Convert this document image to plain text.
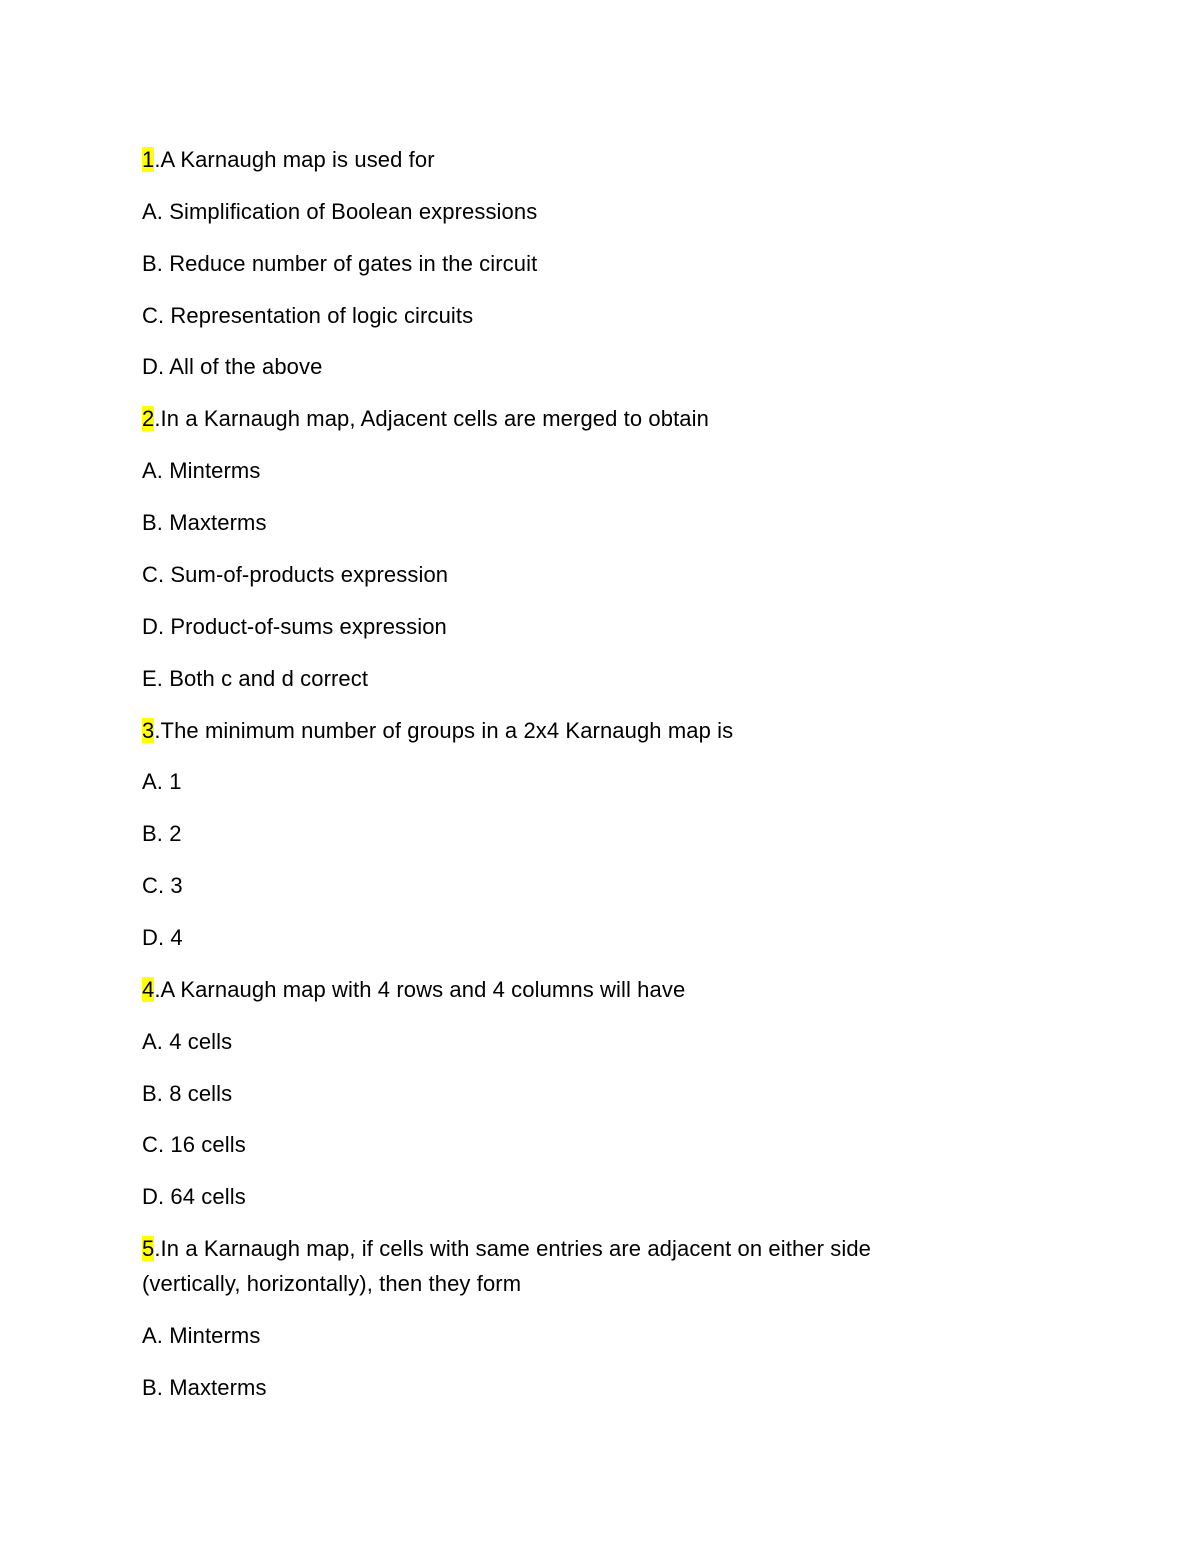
1.A Karnaugh map is used for
A. Simplification of Boolean expressions
B. Reduce number of gates in the circuit
C. Representation of logic circuits
D. All of the above
2.In a Karnaugh map, Adjacent cells are merged to obtain
A. Minterms
B. Maxterms
C. Sum-of-products expression
D. Product-of-sums expression
E. Both c and d correct
3.The minimum number of groups in a 2x4 Karnaugh map is
A. 1
B. 2
C. 3
D. 4
4.A Karnaugh map with 4 rows and 4 columns will have
A. 4 cells
B. 8 cells
C. 16 cells
D. 64 cells
5.In a Karnaugh map, if cells with same entries are adjacent on either side
(vertically, horizontally), then they form
A. Minterms
B. Maxterms
